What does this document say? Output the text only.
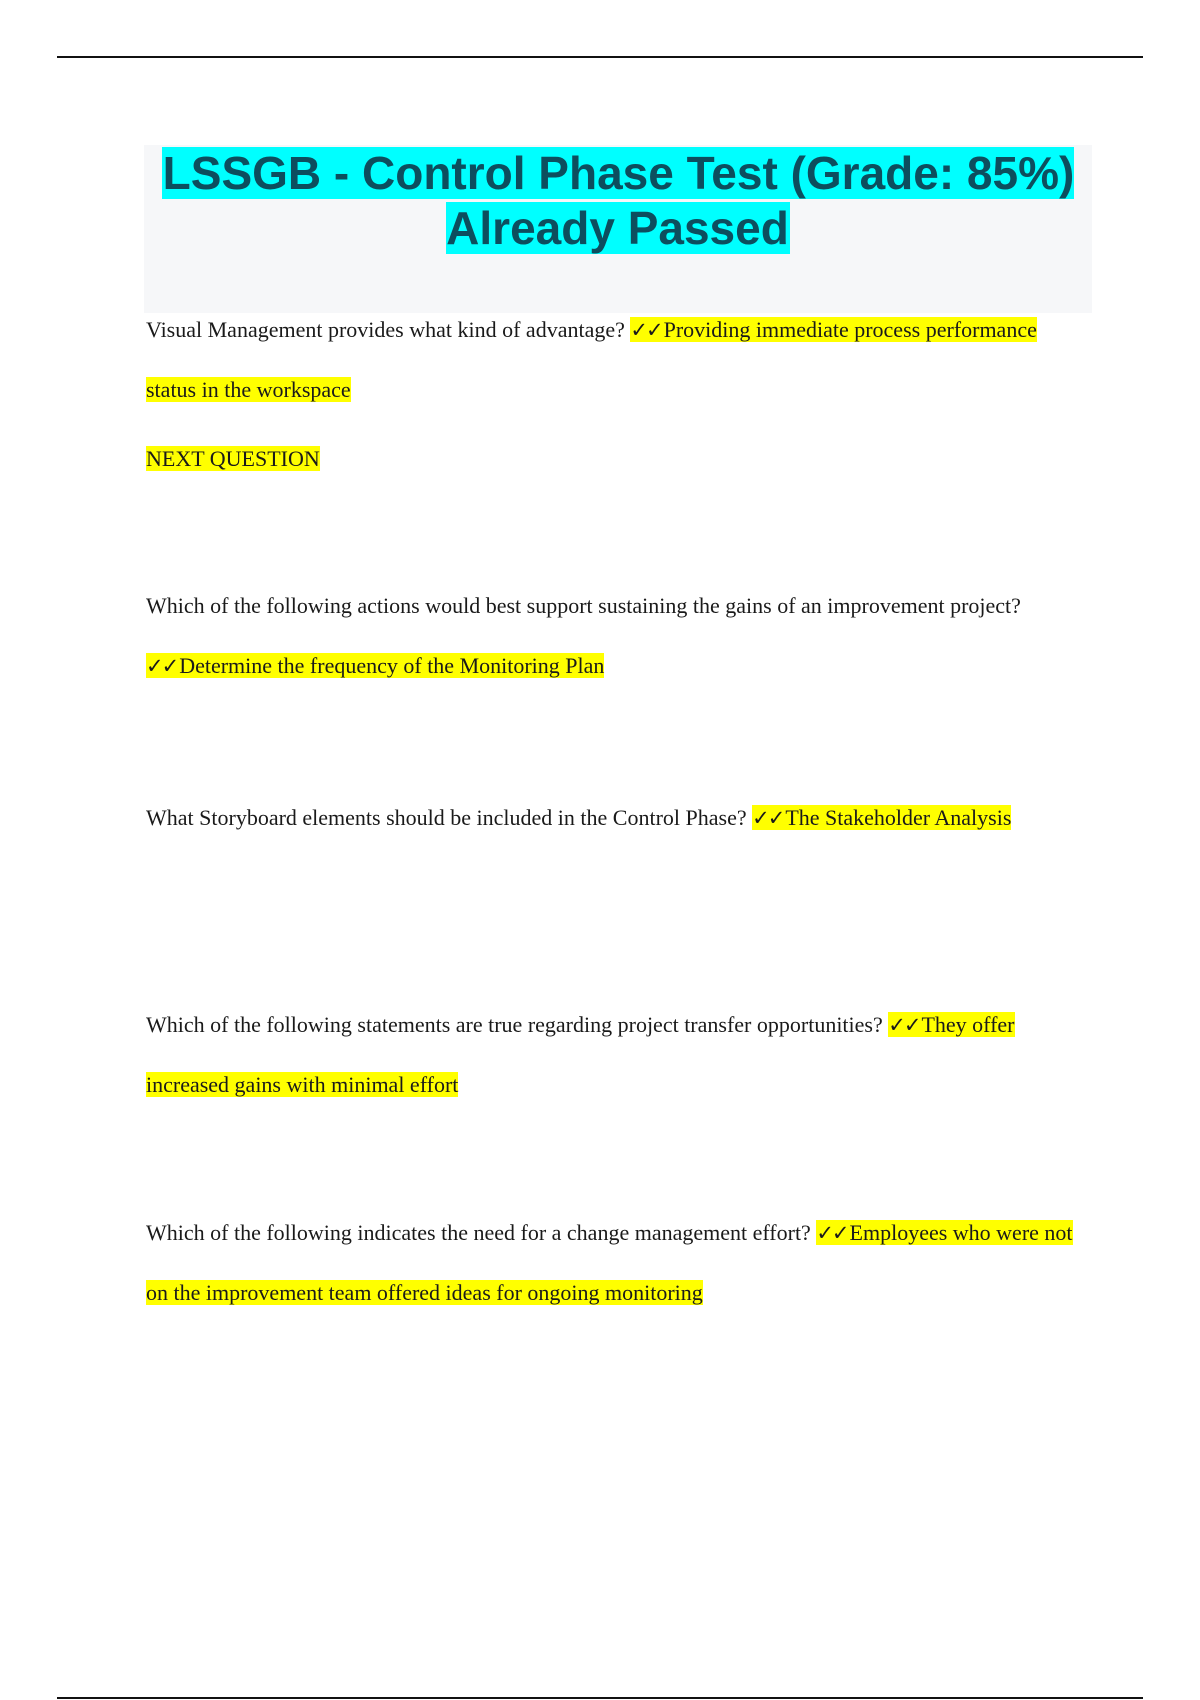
LSSGB - Control Phase Test (Grade: 85%) Already Passed

Visual Management provides what kind of advantage? ✓✓Providing immediate process performance status in the workspace

NEXT QUESTION

Which of the following actions would best support sustaining the gains of an improvement project? ✓✓Determine the frequency of the Monitoring Plan

What Storyboard elements should be included in the Control Phase? ✓✓The Stakeholder Analysis

Which of the following statements are true regarding project transfer opportunities? ✓✓They offer increased gains with minimal effort

Which of the following indicates the need for a change management effort? ✓✓Employees who were not on the improvement team offered ideas for ongoing monitoring
